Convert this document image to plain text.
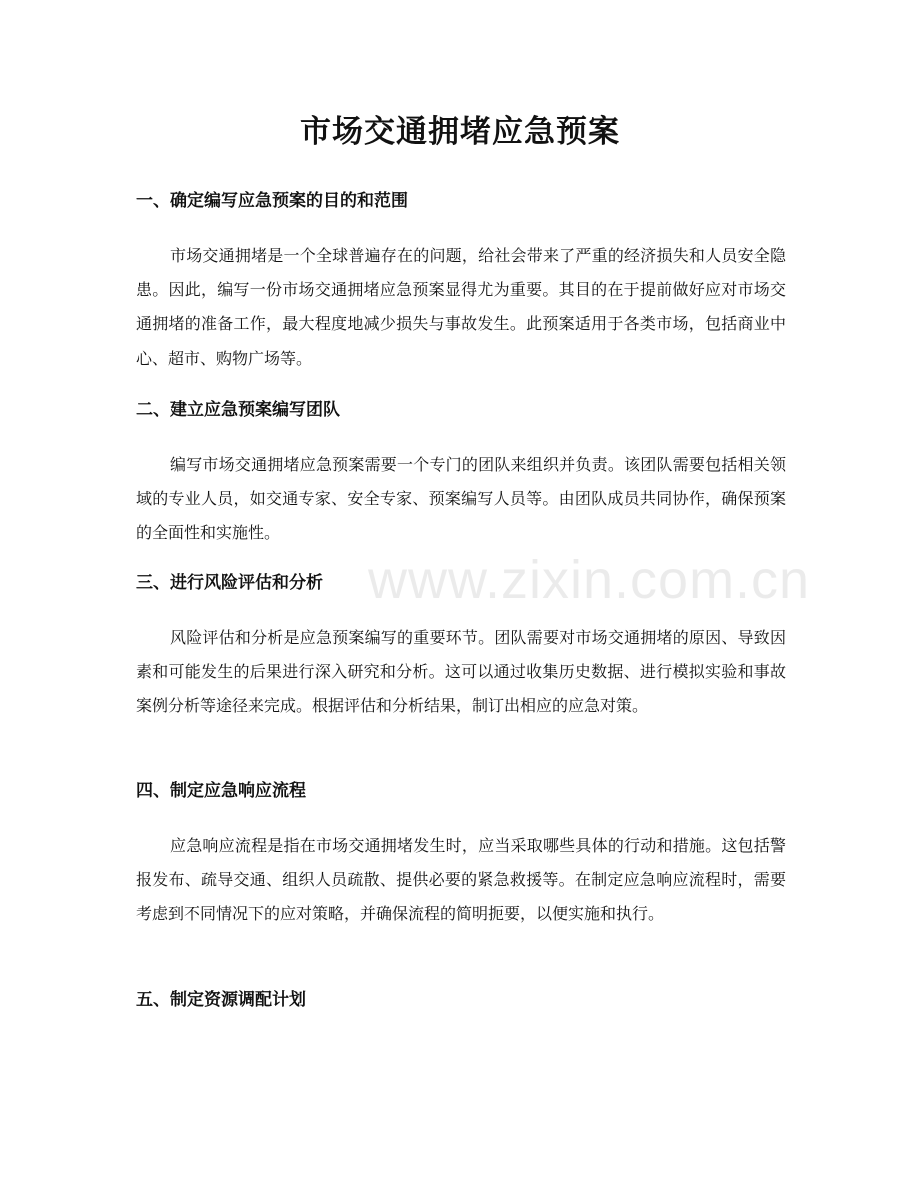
市场交通拥堵应急预案
www.zixin.com.cn
一、确定编写应急预案的目的和范围

市场交通拥堵是一个全球普遍存在的问题，给社会带来了严重的经济损失和人员安全隐患。因此，编写一份市场交通拥堵应急预案显得尤为重要。其目的在于提前做好应对市场交通拥堵的准备工作，最大程度地减少损失与事故发生。此预案适用于各类市场，包括商业中心、超市、购物广场等。

二、建立应急预案编写团队

编写市场交通拥堵应急预案需要一个专门的团队来组织并负责。该团队需要包括相关领域的专业人员，如交通专家、安全专家、预案编写人员等。由团队成员共同协作，确保预案的全面性和实施性。

三、进行风险评估和分析

风险评估和分析是应急预案编写的重要环节。团队需要对市场交通拥堵的原因、导致因素和可能发生的后果进行深入研究和分析。这可以通过收集历史数据、进行模拟实验和事故案例分析等途径来完成。根据评估和分析结果，制订出相应的应急对策。

四、制定应急响应流程

应急响应流程是指在市场交通拥堵发生时，应当采取哪些具体的行动和措施。这包括警报发布、疏导交通、组织人员疏散、提供必要的紧急救援等。在制定应急响应流程时，需要考虑到不同情况下的应对策略，并确保流程的简明扼要，以便实施和执行。

五、制定资源调配计划
